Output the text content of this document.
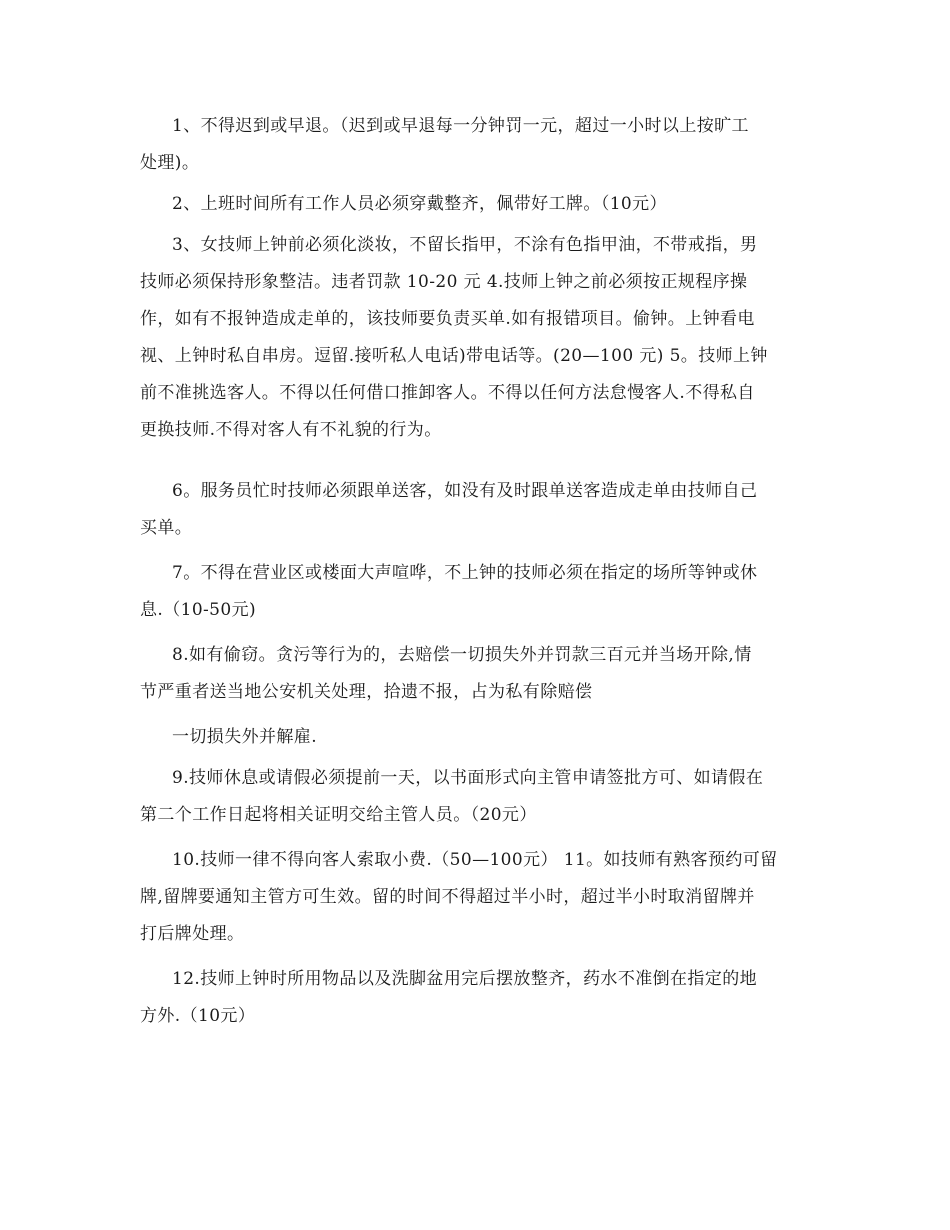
1、不得迟到或早退。（迟到或早退每一分钟罚一元，超过一小时以上按旷工
处理)。
2、上班时间所有工作人员必须穿戴整齐，佩带好工牌。（10元）
3、女技师上钟前必须化淡妆，不留长指甲，不涂有色指甲油，不带戒指，男
技师必须保持形象整洁。违者罚款 10-20 元 4.技师上钟之前必须按正规程序操
作，如有不报钟造成走单的，该技师要负责买单.如有报错项目。偷钟。上钟看电
视、上钟时私自串房。逗留.接听私人电话)带电话等。(20—100 元) 5。技师上钟
前不准挑选客人。不得以任何借口推卸客人。不得以任何方法怠慢客人.不得私自
更换技师.不得对客人有不礼貌的行为。
6。服务员忙时技师必须跟单送客，如没有及时跟单送客造成走单由技师自己
买单。
7。不得在营业区或楼面大声喧哗，不上钟的技师必须在指定的场所等钟或休
息.（10-50元)
8.如有偷窃。贪污等行为的，去赔偿一切损失外并罚款三百元并当场开除,情
节严重者送当地公安机关处理，拾遗不报，占为私有除赔偿
一切损失外并解雇.
9.技师休息或请假必须提前一天，以书面形式向主管申请签批方可、如请假在
第二个工作日起将相关证明交给主管人员。（20元）
10.技师一律不得向客人索取小费.（50—100元） 11。如技师有熟客预约可留
牌,留牌要通知主管方可生效。留的时间不得超过半小时，超过半小时取消留牌并
打后牌处理。
12.技师上钟时所用物品以及洗脚盆用完后摆放整齐，药水不准倒在指定的地
方外.（10元）
